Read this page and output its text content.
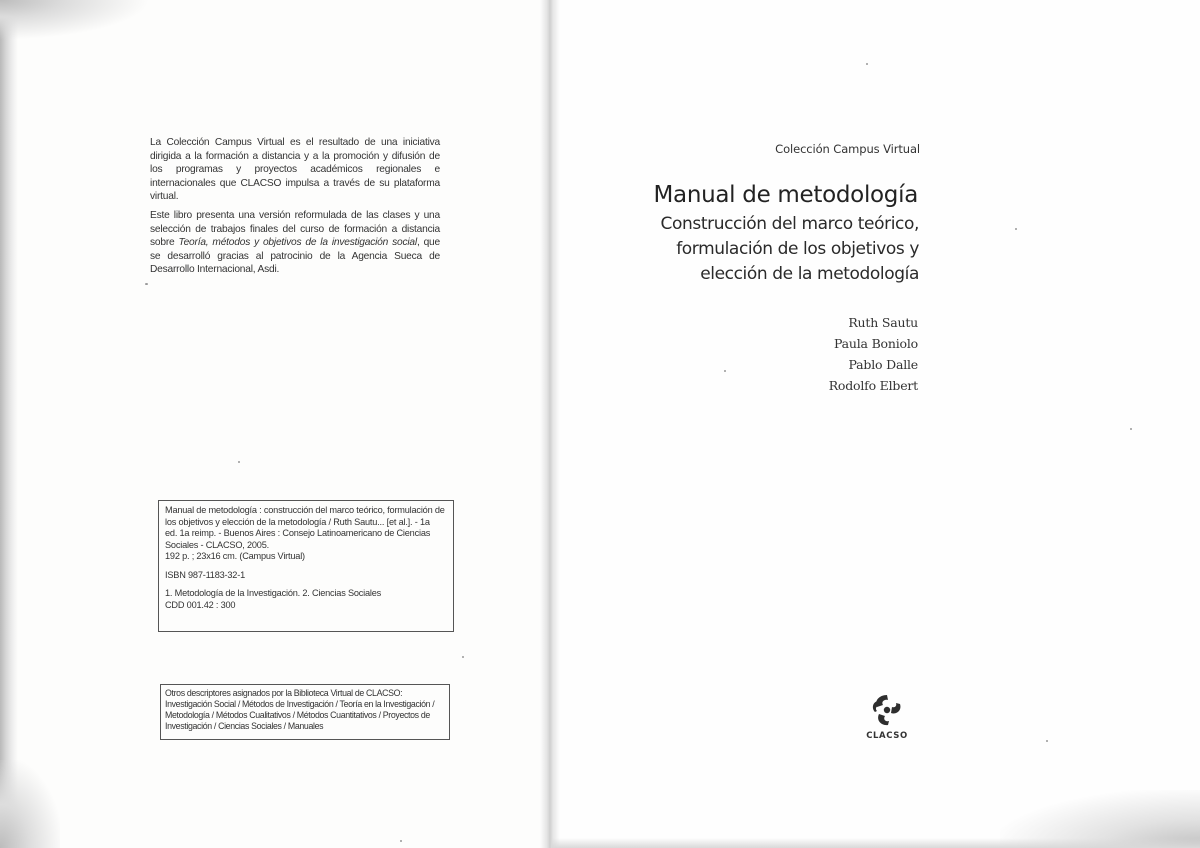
La Colección Campus Virtual es el resultado de una iniciativa dirigida a la formación a distancia y a la promoción y difusión de los programas y proyectos académicos regionales e internacionales que CLACSO impulsa a través de su plataforma virtual.

Este libro presenta una versión reformulada de las clases y una selección de trabajos finales del curso de formación a distancia sobre Teoría, métodos y objetivos de la investigación social, que se desarrolló gracias al patrocinio de la Agencia Sueca de Desarrollo Internacional, Asdi.

Manual de metodología : construcción del marco teórico, formulación de
los objetivos y elección de la metodología / Ruth Sautu... [et al.]. - 1a
ed. 1a reimp. - Buenos Aires : Consejo Latinoamericano de Ciencias
Sociales - CLACSO, 2005.
192 p. ; 23x16 cm. (Campus Virtual)
ISBN 987-1183-32-1
1. Metodología de la Investigación. 2. Ciencias Sociales
CDD 001.42 : 300
Otros descriptores asignados por la Biblioteca Virtual de CLACSO:
Investigación Social / Métodos de Investigación / Teoría en la Investigación /
Metodología / Métodos Cualitativos / Métodos Cuantitativos / Proyectos de
Investigación / Ciencias Sociales / Manuales
Colección Campus Virtual
Manual de metodología
Construcción del marco teórico,
formulación de los objetivos y
elección de la metodología
Ruth Sautu
Paula Boniolo
Pablo Dalle
Rodolfo Elbert
CLACSO
